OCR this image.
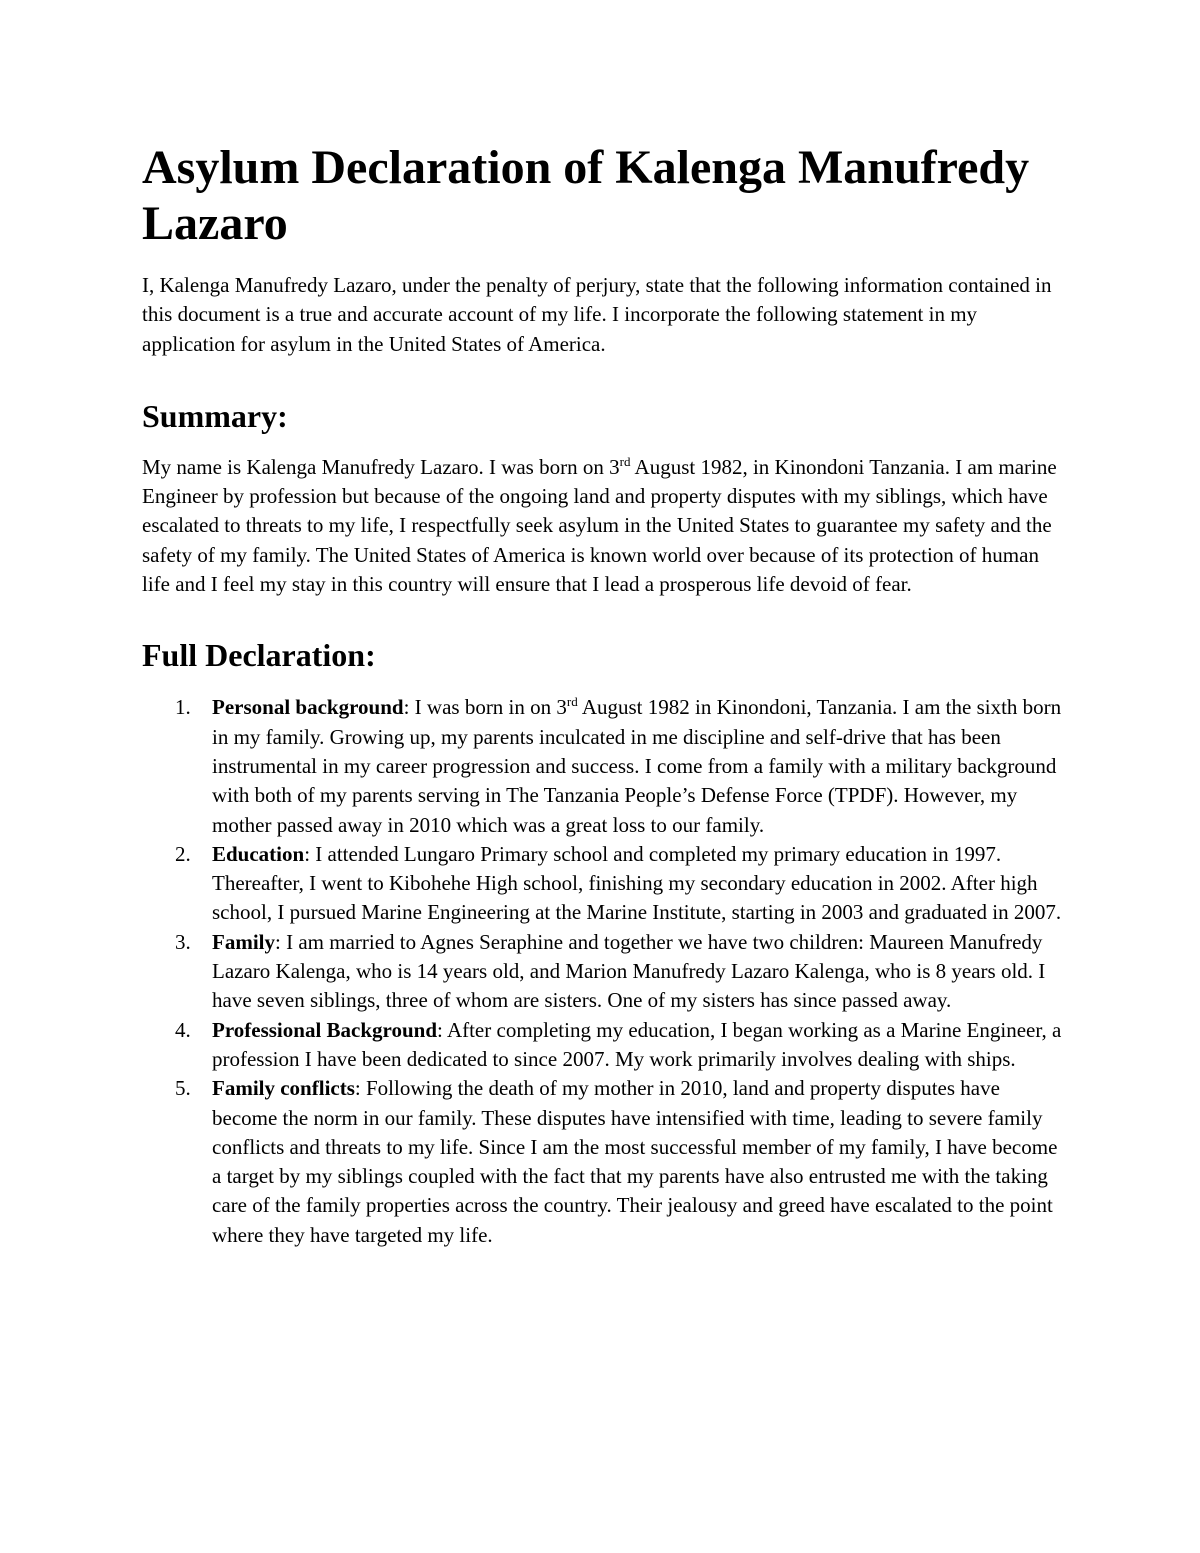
Asylum Declaration of Kalenga Manufredy Lazaro

I, Kalenga Manufredy Lazaro, under the penalty of perjury, state that the following information contained in this document is a true and accurate account of my life. I incorporate the following statement in my application for asylum in the United States of America.

Summary:

My name is Kalenga Manufredy Lazaro. I was born on 3rd August 1982, in Kinondoni Tanzania. I am marine Engineer by profession but because of the ongoing land and property disputes with my siblings, which have escalated to threats to my life, I respectfully seek asylum in the United States to guarantee my safety and the safety of my family. The United States of America is known world over because of its protection of human life and I feel my stay in this country will ensure that I lead a prosperous life devoid of fear.

Full Declaration:
1. Personal background: I was born in on 3rd August 1982 in Kinondoni, Tanzania. I am the sixth born in my family. Growing up, my parents inculcated in me discipline and self-drive that has been instrumental in my career progression and success. I come from a family with a military background with both of my parents serving in The Tanzania People’s Defense Force (TPDF). However, my mother passed away in 2010 which was a great loss to our family.
2. Education: I attended Lungaro Primary school and completed my primary education in 1997. Thereafter, I went to Kibohehe High school, finishing my secondary education in 2002. After high school, I pursued Marine Engineering at the Marine Institute, starting in 2003 and graduated in 2007.
3. Family: I am married to Agnes Seraphine and together we have two children: Maureen Manufredy Lazaro Kalenga, who is 14 years old, and Marion Manufredy Lazaro Kalenga, who is 8 years old. I have seven siblings, three of whom are sisters. One of my sisters has since passed away.
4. Professional Background: After completing my education, I began working as a Marine Engineer, a profession I have been dedicated to since 2007. My work primarily involves dealing with ships.
5. Family conflicts: Following the death of my mother in 2010, land and property disputes have become the norm in our family. These disputes have intensified with time, leading to severe family conflicts and threats to my life. Since I am the most successful member of my family, I have become a target by my siblings coupled with the fact that my parents have also entrusted me with the taking care of the family properties across the country. Their jealousy and greed have escalated to the point where they have targeted my life.
